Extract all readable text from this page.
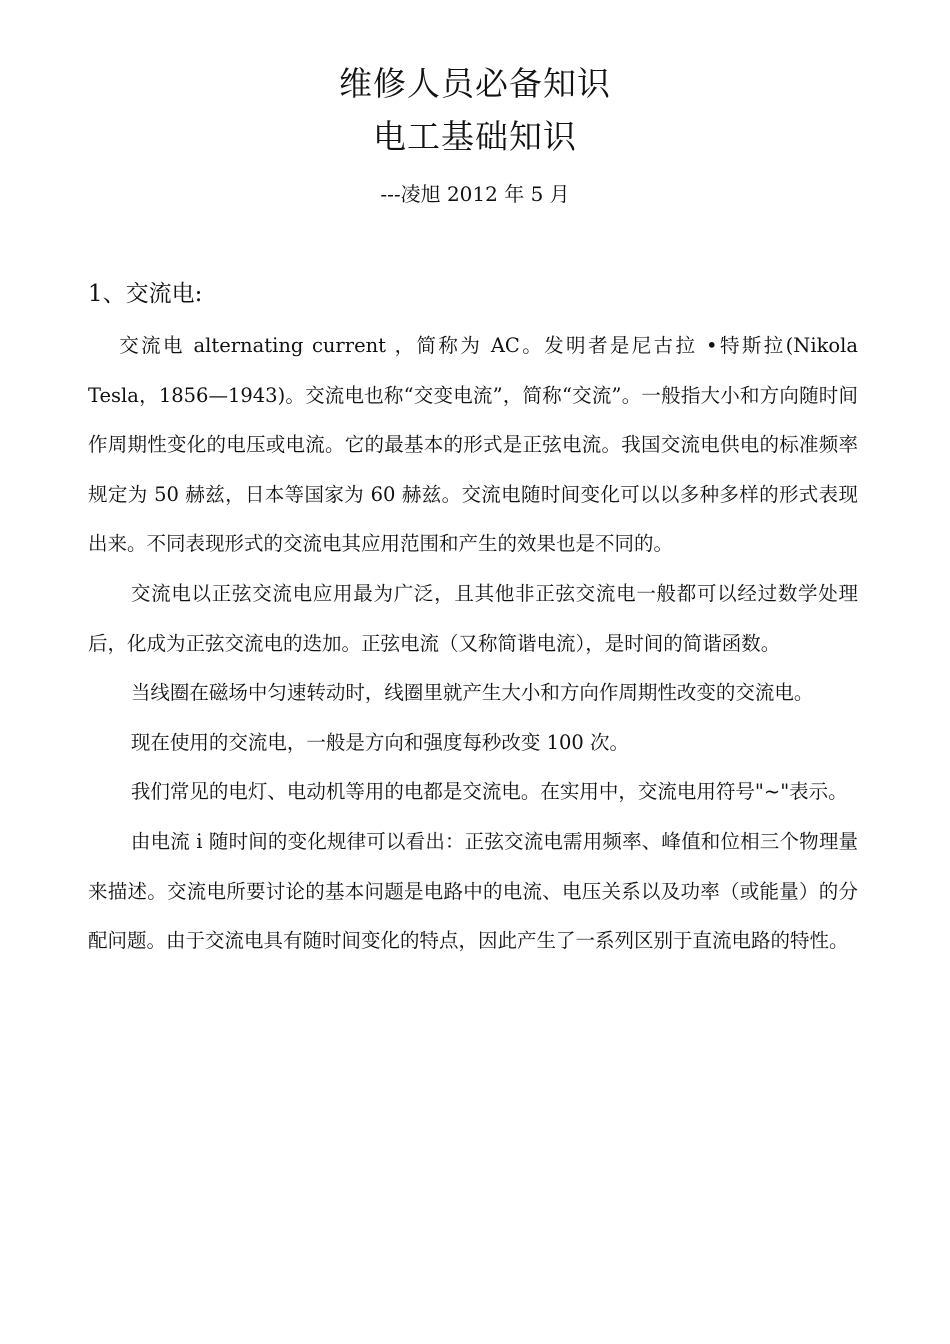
维修人员必备知识
电工基础知识
---凌旭 2012 年 5 月
1、交流电:

交流电 alternating current ，简称为 AC。发明者是尼古拉 •特斯拉(Nikola Tesla，1856—1943)。交流电也称“交变电流”，简称“交流”。一般指大小和方向随时间作周期性变化的电压或电流。它的最基本的形式是正弦电流。我国交流电供电的标准频率规定为 50 赫兹，日本等国家为 60 赫兹。交流电随时间变化可以以多种多样的形式表现出来。不同表现形式的交流电其应用范围和产生的效果也是不同的。

交流电以正弦交流电应用最为广泛，且其他非正弦交流电一般都可以经过数学处理后，化成为正弦交流电的迭加。正弦电流（又称简谐电流），是时间的简谐函数。

当线圈在磁场中匀速转动时，线圈里就产生大小和方向作周期性改变的交流电。

现在使用的交流电，一般是方向和强度每秒改变 100 次。

我们常见的电灯、电动机等用的电都是交流电。在实用中，交流电用符号"~"表示。

由电流 i 随时间的变化规律可以看出：正弦交流电需用频率、峰值和位相三个物理量来描述。交流电所要讨论的基本问题是电路中的电流、电压关系以及功率（或能量）的分配问题。由于交流电具有随时间变化的特点，因此产生了一系列区别于直流电路的特性。
